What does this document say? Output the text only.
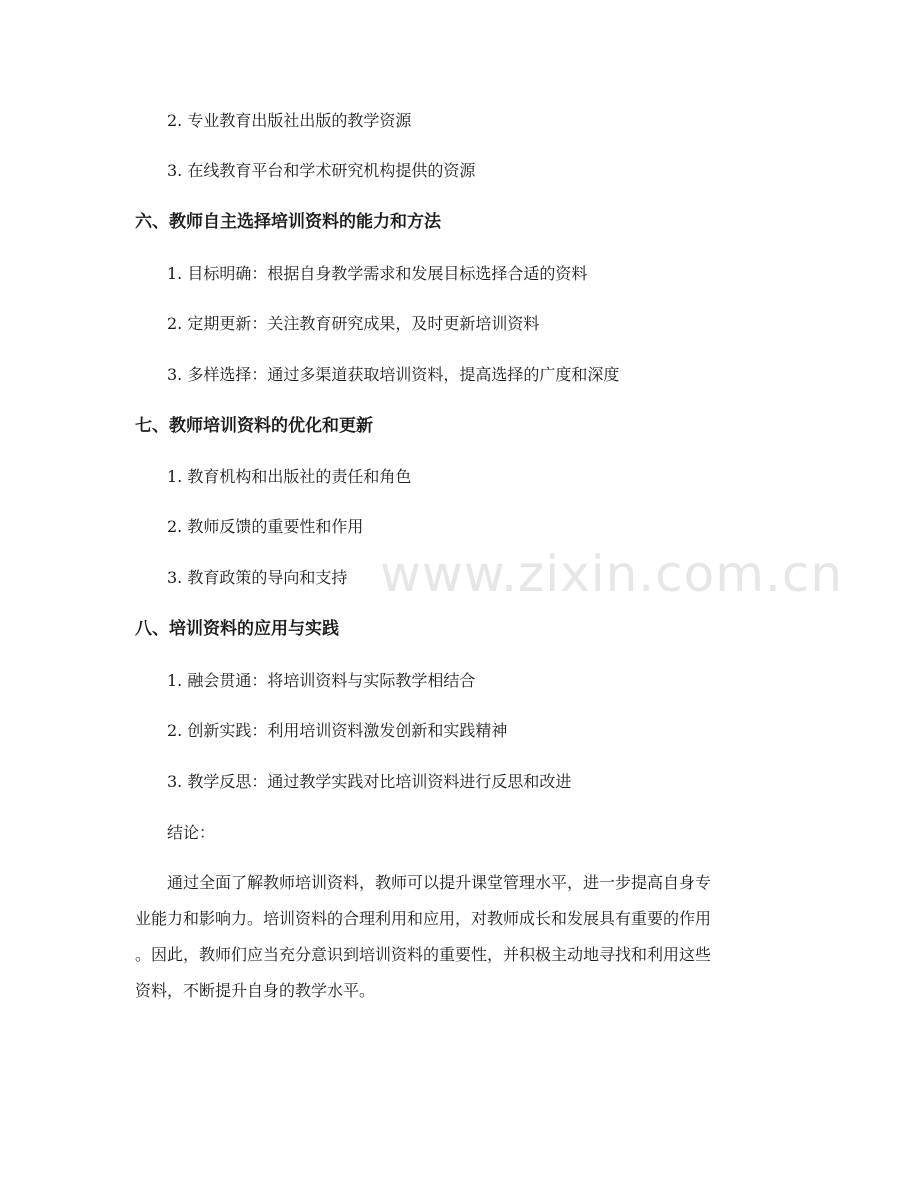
www.zixin.com.cn
2. 专业教育出版社出版的教学资源
3. 在线教育平台和学术研究机构提供的资源
六、教师自主选择培训资料的能力和方法
1. 目标明确：根据自身教学需求和发展目标选择合适的资料
2. 定期更新：关注教育研究成果，及时更新培训资料
3. 多样选择：通过多渠道获取培训资料，提高选择的广度和深度
七、教师培训资料的优化和更新
1. 教育机构和出版社的责任和角色
2. 教师反馈的重要性和作用
3. 教育政策的导向和支持
八、培训资料的应用与实践
1. 融会贯通：将培训资料与实际教学相结合
2. 创新实践：利用培训资料激发创新和实践精神
3. 教学反思：通过教学实践对比培训资料进行反思和改进
结论：
通过全面了解教师培训资料，教师可以提升课堂管理水平，进一步提高自身专
业能力和影响力。培训资料的合理利用和应用，对教师成长和发展具有重要的作用
。因此，教师们应当充分意识到培训资料的重要性，并积极主动地寻找和利用这些
资料，不断提升自身的教学水平。
